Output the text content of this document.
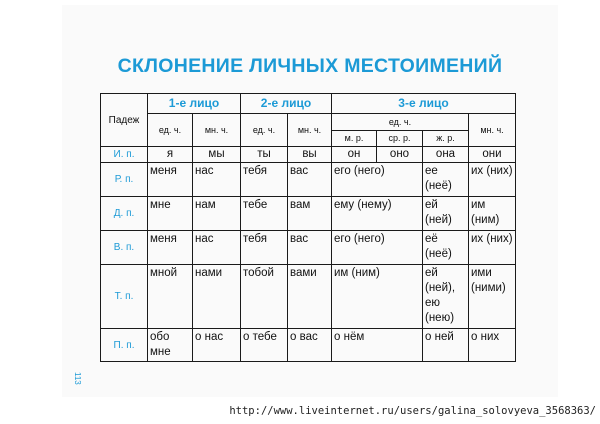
СКЛОНЕНИЕ ЛИЧНЫХ МЕСТОИМЕНИЙ
Падеж	1-е лицо		2-е лицо		3-е лицо			
	ед. ч.	мн. ч.	ед. ч.	мн. ч.	ед. ч.			мн. ч.
					м. р.	ср. р.	ж. р.	
И. п.	я	мы	ты	вы	он	оно	она	они
Р. п.	меня	нас	тебя	вас	его (него)		ее (неё)	их (них)
Д. п.	мне	нам	тебе	вам	ему (нему)		ей (ней)	им (ним)
В. п.	меня	нас	тебя	вас	его (него)		её (неё)	их (них)
Т. п.	мной	нами	тобой	вами	им (ним)		ей (ней), ею (нею)	ими (ними)
П. п.	обо мне	о нас	о тебе	о вас	о нём		о ней	о них
113
http://www.liveinternet.ru/users/galina_solovyeva_3568363/
